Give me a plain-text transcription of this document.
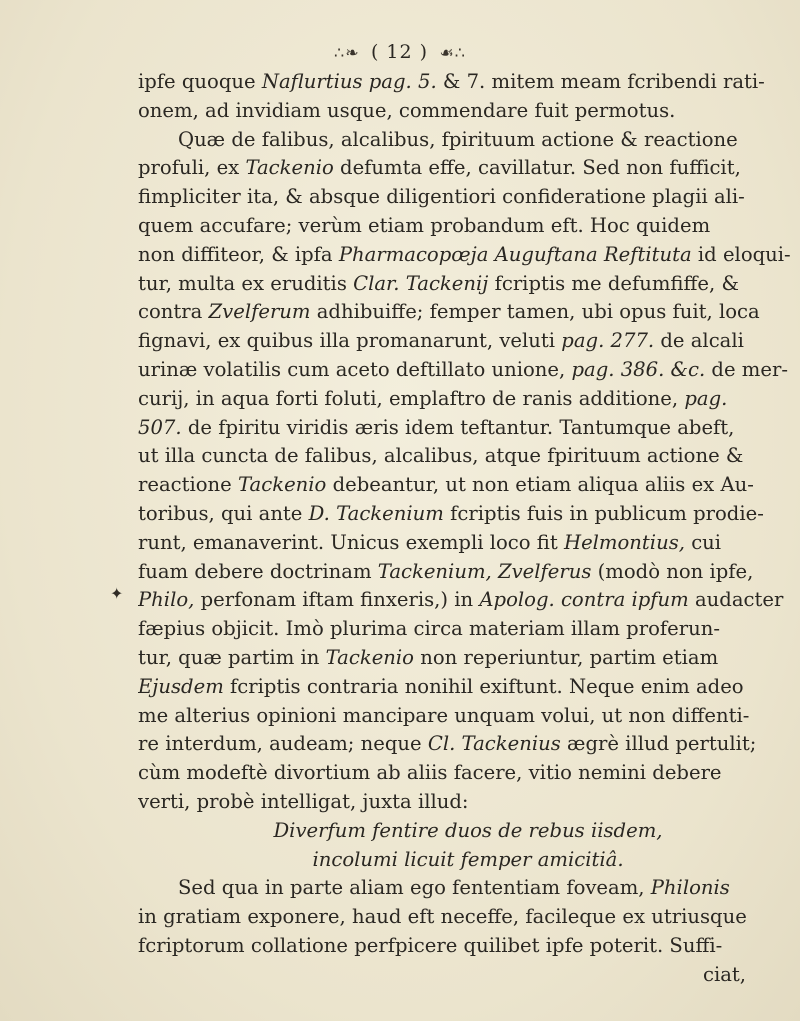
∴❧ ( 12 ) ☙∴
✦
ipfe quoque Naflurtius pag. 5. & 7. mitem meam fcribendi rati-
onem, ad invidiam usque, commendare fuit permotus.
Quæ de falibus, alcalibus, fpirituum actione & reactione
profuli, ex Tackenio defumta effe, cavillatur. Sed non fufficit,
fimpliciter ita, & absque diligentiori confideratione plagii ali-
quem accufare; verùm etiam probandum eft. Hoc quidem
non diffiteor, & ipfa Pharmacopœja Auguftana Reftituta id eloqui-
tur, multa ex eruditis Clar. Tackenij fcriptis me defumfiffe, &
contra Zvelferum adhibuiffe; femper tamen, ubi opus fuit, loca
fignavi, ex quibus illa promanarunt, veluti pag. 277. de alcali
urinæ volatilis cum aceto deftillato unione, pag. 386. &c. de mer-
curij, in aqua forti foluti, emplaftro de ranis additione, pag.
507. de fpiritu viridis æris idem teftantur. Tantumque abeft,
ut illa cuncta de falibus, alcalibus, atque fpirituum actione &
reactione Tackenio debeantur, ut non etiam aliqua aliis ex Au-
toribus, qui ante D. Tackenium fcriptis fuis in publicum prodie-
runt, emanaverint. Unicus exempli loco fit Helmontius, cui
fuam debere doctrinam Tackenium, Zvelferus (modò non ipfe,
Philo, perfonam iftam finxeris,) in Apolog. contra ipfum audacter
fæpius objicit. Imò plurima circa materiam illam proferun-
tur, quæ partim in Tackenio non reperiuntur, partim etiam
Ejusdem fcriptis contraria nonihil exiftunt. Neque enim adeo
me alterius opinioni mancipare unquam volui, ut non diffenti-
re interdum, audeam; neque Cl. Tackenius ægrè illud pertulit;
cùm modeftè divortium ab aliis facere, vitio nemini debere
verti, probè intelligat, juxta illud:
Diverfum fentire duos de rebus iisdem,
incolumi licuit femper amicitiâ.
Sed qua in parte aliam ego fententiam foveam, Philonis
in gratiam exponere, haud eft neceffe, facileque ex utriusque
fcriptorum collatione perfpicere quilibet ipfe poterit. Suffi-
ciat,
